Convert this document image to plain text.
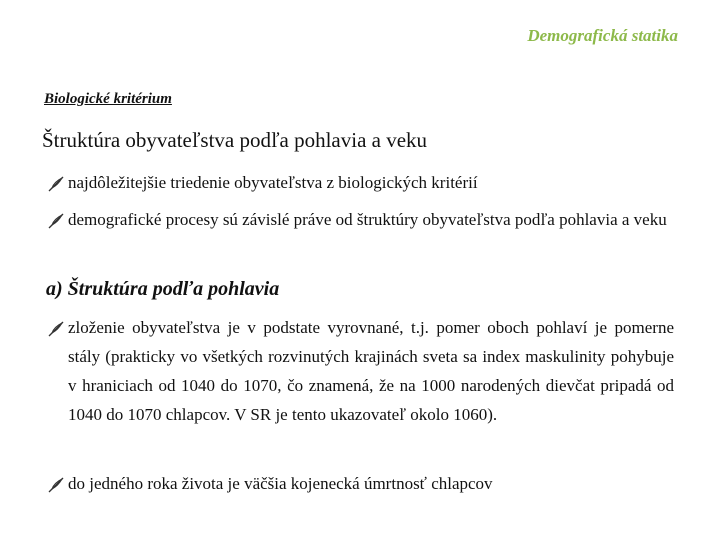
Demografická statika
Biologické kritérium
Štruktúra obyvateľstva podľa pohlavia a veku
najdôležitejšie triedenie obyvateľstva z biologických kritérií
demografické procesy sú závislé práve od štruktúry obyvateľstva podľa pohlavia a veku
a) Štruktúra podľa pohlavia
zloženie obyvateľstva je v podstate vyrovnané, t.j. pomer oboch pohlaví je pomerne stály (prakticky vo všetkých rozvinutých krajinách sveta sa index maskulinity pohybuje v hraniciach od 1040 do 1070, čo znamená, že na 1000 narodených dievčat pripadá od 1040 do 1070 chlapcov. V SR je tento ukazovateľ okolo 1060).
do jedného roka života je väčšia kojenecká úmrtnosť chlapcov
